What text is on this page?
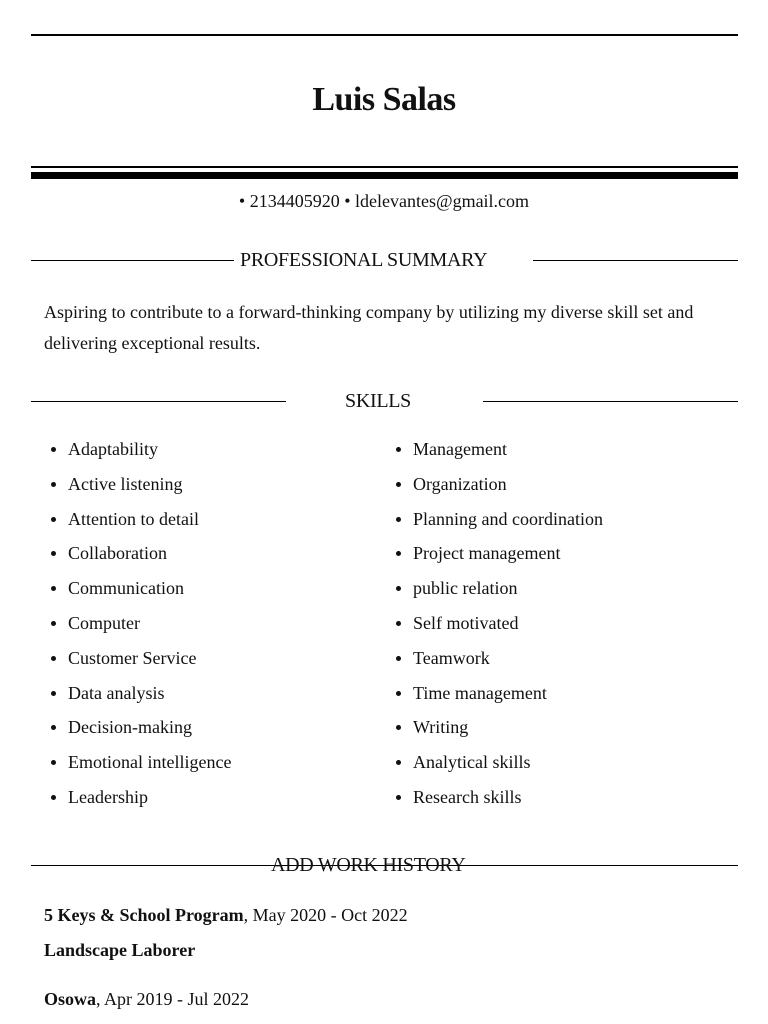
Luis Salas
• 2134405920 • ldelevantes@gmail.com
PROFESSIONAL SUMMARY
Aspiring to contribute to a forward-thinking company by utilizing my diverse skill set and delivering exceptional results.
SKILLS
Adaptability
Active listening
Attention to detail
Collaboration
Communication
Computer
Customer Service
Data analysis
Decision-making
Emotional intelligence
Leadership
Management
Organization
Planning and coordination
Project management
public relation
Self motivated
Teamwork
Time management
Writing
Analytical skills
Research skills
ADD WORK HISTORY
5 Keys & School Program, May 2020 - Oct 2022
Landscape Laborer
Osowa, Apr 2019 - Jul 2022
